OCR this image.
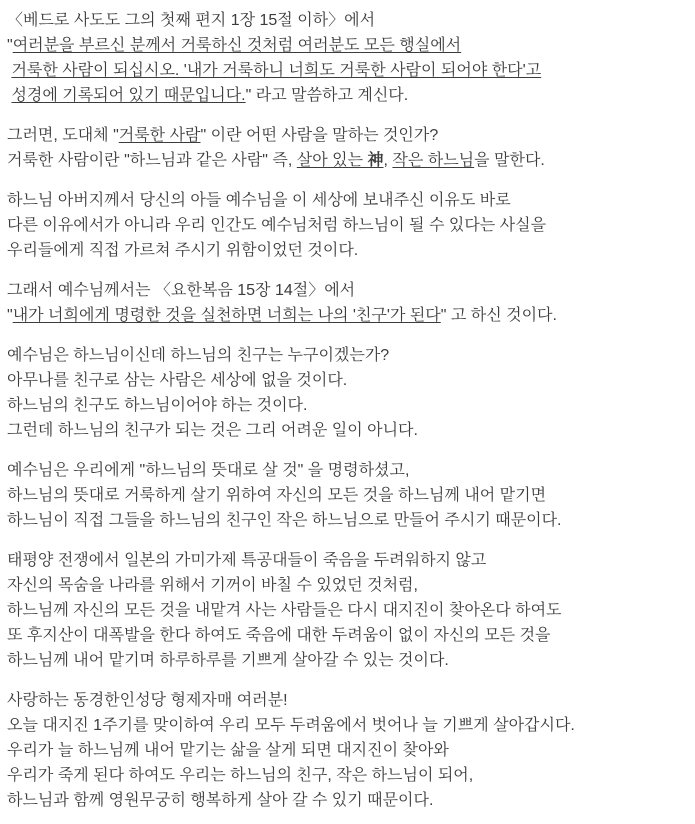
〈베드로 사도도 그의 첫째 편지 1장 15절 이하〉에서
"여러분을 부르신 분께서 거룩하신 것처럼 여러분도 모든 행실에서
거룩한 사람이 되십시오. '내가 거룩하니 너희도 거룩한 사람이 되어야 한다'고
성경에 기록되어 있기 때문입니다." 라고 말씀하고 계신다.

그러면, 도대체 "거룩한 사람" 이란 어떤 사람을 말하는 것인가?
거룩한 사람이란 "하느님과 같은 사람" 즉, 살아 있는 神, 작은 하느님을 말한다.

하느님 아버지께서 당신의 아들 예수님을 이 세상에 보내주신 이유도 바로
다른 이유에서가 아니라 우리 인간도 예수님처럼 하느님이 될 수 있다는 사실을
우리들에게 직접 가르쳐 주시기 위함이었던 것이다.

그래서 예수님께서는 〈요한복음 15장 14절〉에서
"내가 너희에게 명령한 것을 실천하면 너희는 나의 '친구'가 된다" 고 하신 것이다.

예수님은 하느님이신데 하느님의 친구는 누구이겠는가?
아무나를 친구로 삼는 사람은 세상에 없을 것이다.
하느님의 친구도 하느님이어야 하는 것이다.
그런데 하느님의 친구가 되는 것은 그리 어려운 일이 아니다.

예수님은 우리에게 "하느님의 뜻대로 살 것" 을 명령하셨고,
하느님의 뜻대로 거룩하게 살기 위하여 자신의 모든 것을 하느님께 내어 맡기면
하느님이 직접 그들을 하느님의 친구인 작은 하느님으로 만들어 주시기 때문이다.

태평양 전쟁에서 일본의 가미가제 특공대들이 죽음을 두려워하지 않고
자신의 목숨을 나라를 위해서 기꺼이 바칠 수 있었던 것처럼,
하느님께 자신의 모든 것을 내맡겨 사는 사람들은 다시 대지진이 찾아온다 하여도
또 후지산이 대폭발을 한다 하여도 죽음에 대한 두려움이 없이 자신의 모든 것을
하느님께 내어 맡기며 하루하루를 기쁘게 살아갈 수 있는 것이다.

사랑하는 동경한인성당 형제자매 여러분!
오늘 대지진 1주기를 맞이하여 우리 모두 두려움에서 벗어나 늘 기쁘게 살아갑시다.
우리가 늘 하느님께 내어 맡기는 삶을 살게 되면 대지진이 찾아와
우리가 죽게 된다 하여도 우리는 하느님의 친구, 작은 하느님이 되어,
하느님과 함께 영원무궁히 행복하게 살아 갈 수 있기 때문이다.
